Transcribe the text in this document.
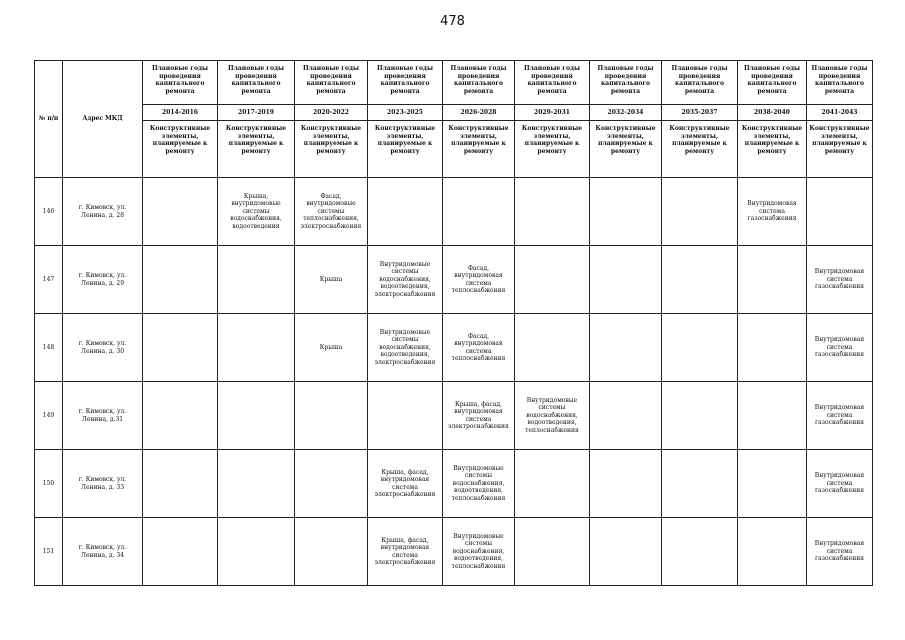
478
№ п/п	Адрес МКД	Плановые годы проведения капитального ремонта	Плановые годы проведения капитального ремонта	Плановые годы проведения капитального ремонта	Плановые годы проведения капитального ремонта	Плановые годы проведения капитального ремонта	Плановые годы проведения капитального ремонта	Плановые годы проведения капитального ремонта	Плановые годы проведения капитального ремонта	Плановые годы проведения капитального ремонта	Плановые годы проведения капитального ремонта
		2014-2016	2017-2019	2020-2022	2023-2025	2026-2028	2029-2031	2032-2034	2035-2037	2038-2040	2041-2043
		Конструктивные элементы, планируемые к ремонту	Конструктивные элементы, планируемые к ремонту	Конструктивные элементы, планируемые к ремонту	Конструктивные элементы, планируемые к ремонту	Конструктивные элементы, планируемые к ремонту	Конструктивные элементы, планируемые к ремонту	Конструктивные элементы, планируемые к ремонту	Конструктивные элементы, планируемые к ремонту	Конструктивные элементы, планируемые к ремонту	Конструктивные элементы, планируемые к ремонту
146	г. Кимовск, ул. Ленина, д. 28		Крыша, внутридомовые системы водоснабжения, водоотведения	Фасад, внутридомовые системы теплоснабжения, электроснабжения						Внутридомовая система газоснабжения	
147	г. Кимовск, ул. Ленина, д. 29			Крыша	Внутридомовые системы водоснабжения, водоотведения, электроснабжения	Фасад, внутридомовая система теплоснабжения					Внутридомовая система газоснабжения
148	г. Кимовск, ул. Ленина, д. 30			Крыша	Внутридомовые системы водоснабжения, водоотведения, электроснабжения	Фасад, внутридомовая система теплоснабжения					Внутридомовая система газоснабжения
149	г. Кимовск, ул. Ленина, д.31					Крыша, фасад, внутридомовая система электроснабжения	Внутридомовые системы водоснабжения, водоотведения, теплоснабжения				Внутридомовая система газоснабжения
150	г. Кимовск, ул. Ленина, д. 33				Крыша, фасад, внутридомовая система электроснабжения	Внутридомовые системы водоснабжения, водоотведения, теплоснабжения					Внутридомовая система газоснабжения
151	г. Кимовск, ул. Ленина, д. 34				Крыша, фасад, внутридомовая система электроснабжения	Внутридомовые системы водоснабжения, водоотведения, теплоснабжения					Внутридомовая система газоснабжения
